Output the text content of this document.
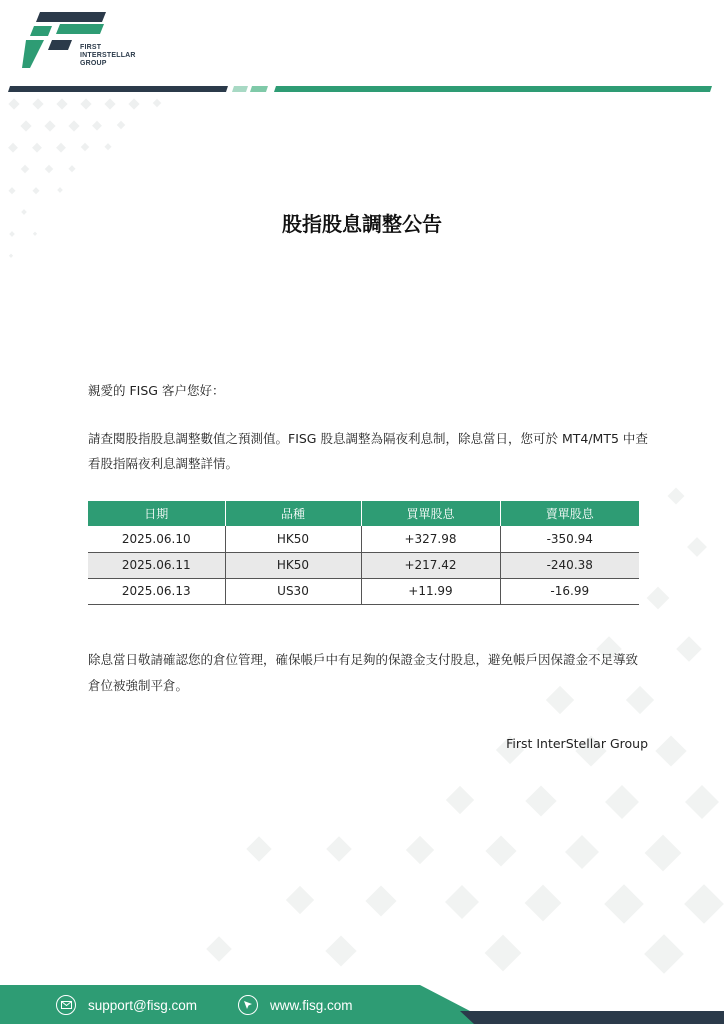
FIRST
INTERSTELLAR
GROUP
股指股息調整公告
親愛的 FISG 客户您好：
請查閱股指股息調整數值之預測值。FISG 股息調整為隔夜利息制，除息當日，您可於 MT4/MT5 中查看股指隔夜利息調整詳情。
日期	品種	買單股息	賣單股息
2025.06.10	HK50	+327.98	-350.94
2025.06.11	HK50	+217.42	-240.38
2025.06.13	US30	+11.99	-16.99
除息當日敬請確認您的倉位管理，確保帳戶中有足夠的保證金支付股息，避免帳戶因保證金不足導致倉位被強制平倉。
First InterStellar Group
support@fisg.com	www.fisg.com
